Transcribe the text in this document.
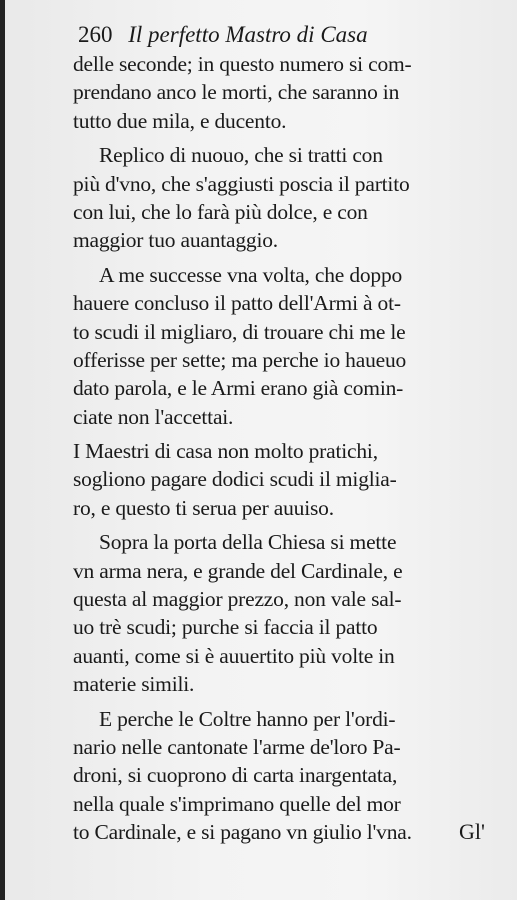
260 Il perfetto Mastro di Casa
delle seconde; in questo numero si com-
prendano anco le morti, che saranno in
tutto due mila, e ducento.
Replico di nuouo, che si tratti con
più d'vno, che s'aggiusti poscia il partito
con lui, che lo farà più dolce, e con
maggior tuo auantaggio.
A me successe vna volta, che doppo
hauere concluso il patto dell'Armi à ot-
to scudi il migliaro, di trouare chi me le
offerisse per sette; ma perche io haueuo
dato parola, e le Armi erano già comin-
ciate non l'accettai.
I Maestri di casa non molto pratichi,
sogliono pagare dodici scudi il miglia-
ro, e questo ti serua per auuiso.
Sopra la porta della Chiesa si mette
vn arma nera, e grande del Cardinale, e
questa al maggior prezzo, non vale sal-
uo trè scudi; purche si faccia il patto
auanti, come si è auuertito più volte in
materie simili.
E perche le Coltre hanno per l'ordi-
nario nelle cantonate l'arme de'loro Pa-
droni, si cuoprono di carta inargentata,
nella quale s'imprimano quelle del mor
to Cardinale, e si pagano vn giulio l'vna.	Gl'
